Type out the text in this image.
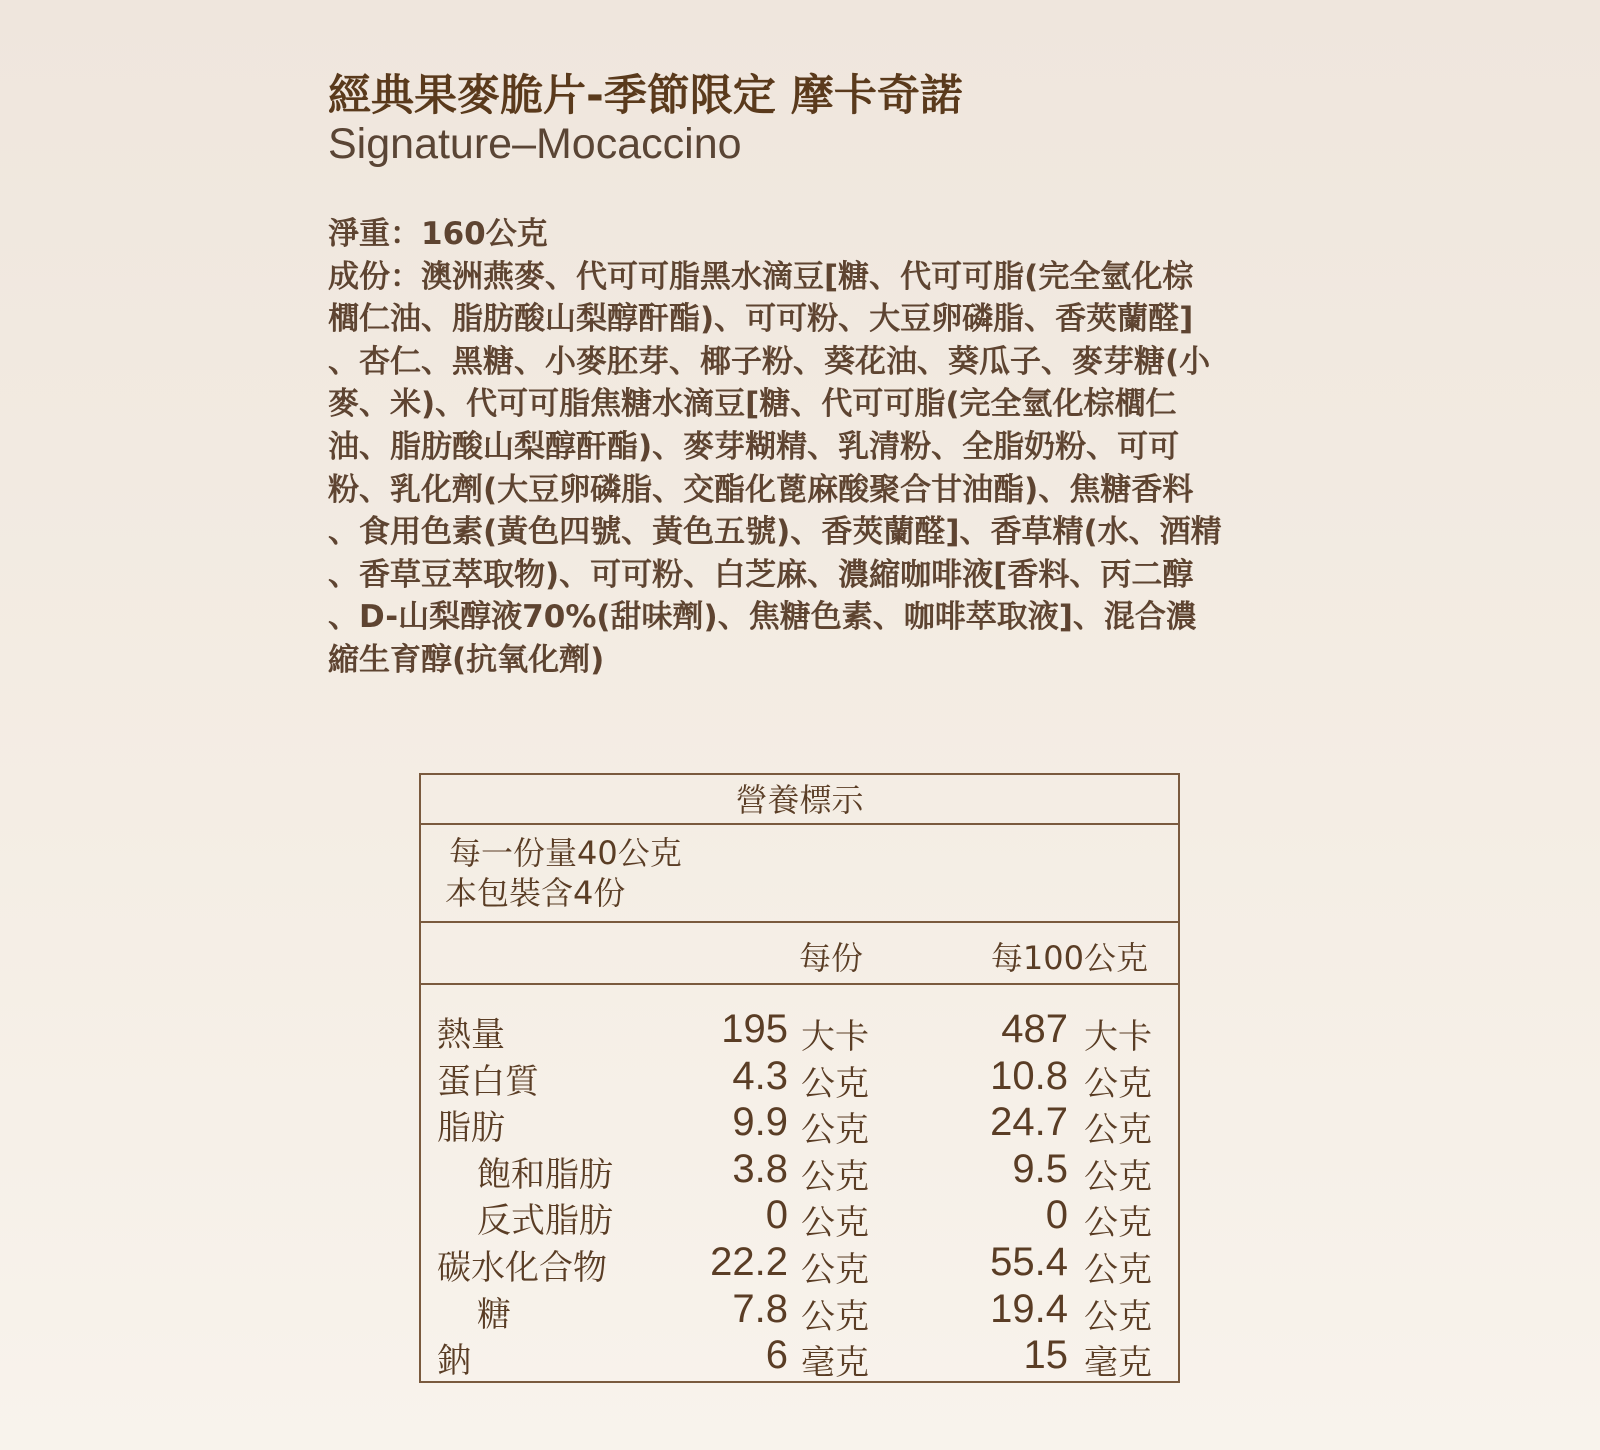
經典果麥脆片-季節限定 摩卡奇諾
Signature–Mocaccino
淨重：160公克
成份：澳洲燕麥、代可可脂黑水滴豆[糖、代可可脂(完全氫化棕
櫚仁油、脂肪酸山梨醇酐酯)、可可粉、大豆卵磷脂、香莢蘭醛]
、杏仁、黑糖、小麥胚芽、椰子粉、葵花油、葵瓜子、麥芽糖(小
麥、米)、代可可脂焦糖水滴豆[糖、代可可脂(完全氫化棕櫚仁
油、脂肪酸山梨醇酐酯)、麥芽糊精、乳清粉、全脂奶粉、可可
粉、乳化劑(大豆卵磷脂、交酯化蓖麻酸聚合甘油酯)、焦糖香料
、食用色素(黃色四號、黃色五號)、香莢蘭醛]、香草精(水、酒精
、香草豆萃取物)、可可粉、白芝麻、濃縮咖啡液[香料、丙二醇
、D-山梨醇液70%(甜味劑)、焦糖色素、咖啡萃取液]、混合濃
縮生育醇(抗氧化劑)
營養標示
每一份量40公克
本包裝含4份
每份	每100公克
熱量	195 大卡	487 大卡
蛋白質	4.3 公克	10.8 公克
脂肪	9.9 公克	24.7 公克
飽和脂肪	3.8 公克	9.5 公克
反式脂肪	0 公克	0 公克
碳水化合物	22.2 公克	55.4 公克
糖	7.8 公克	19.4 公克
鈉	6 毫克	15 毫克
